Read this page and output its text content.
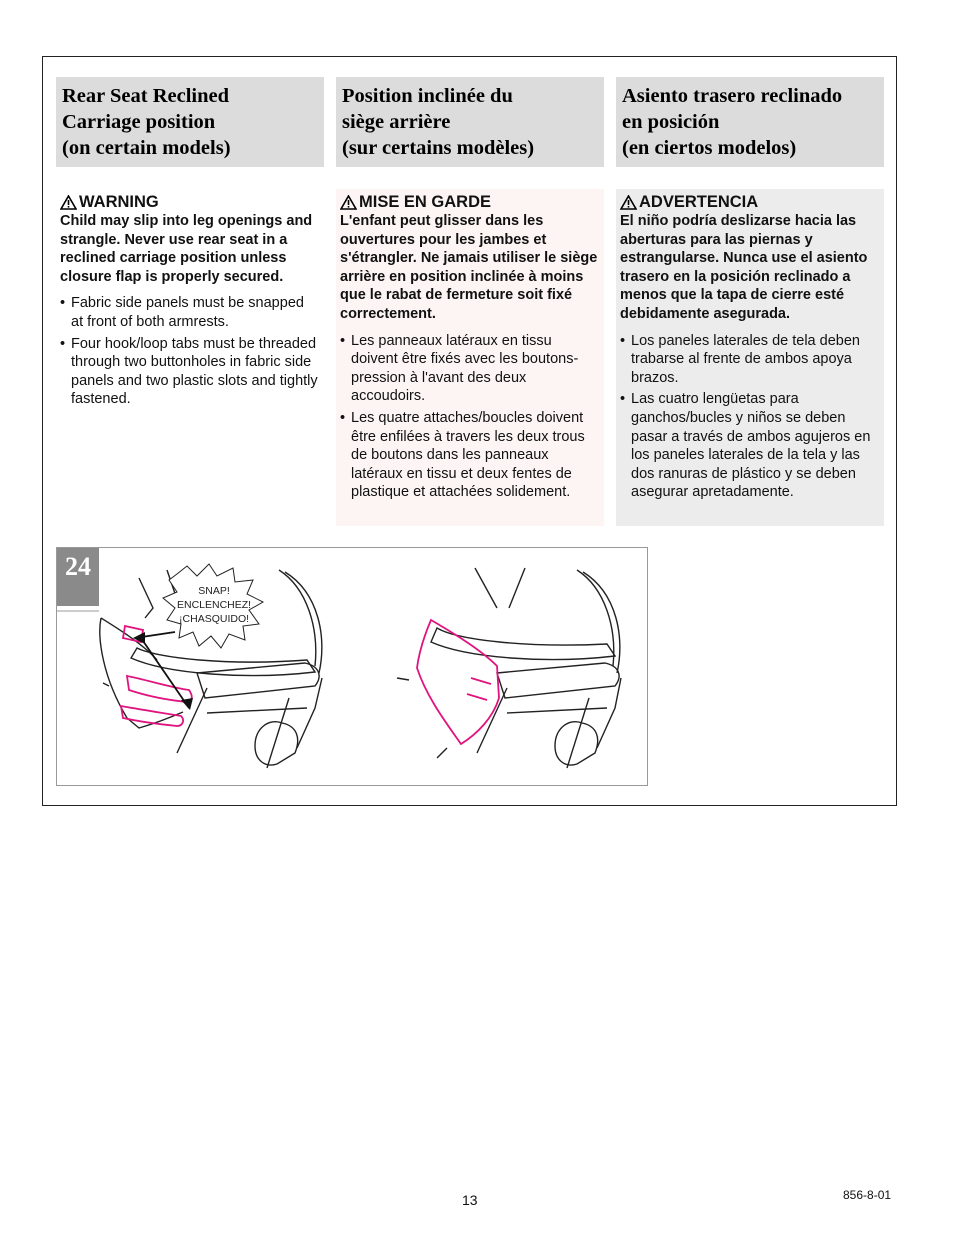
Rear Seat Reclined
Carriage position
(on certain models)
Position inclinée du
siège arrière
(sur certains modèles)
Asiento trasero reclinado
en posición
(en ciertos modelos)
WARNING
Child may slip into leg openings and strangle. Never use rear seat in a reclined carriage position unless closure flap is properly secured.
• Fabric side panels must be snapped at front of both armrests.
• Four hook/loop tabs must be threaded through two buttonholes in fabric side panels and two plastic slots and tightly fastened.
MISE EN GARDE
L'enfant peut glisser dans les ouvertures pour les jambes et s'étrangler. Ne jamais utiliser le siège arrière en position inclinée à moins que le rabat de fermeture soit fixé correctement.
• Les panneaux latéraux en tissu doivent être fixés avec les boutons-pression à l'avant des deux accoudoirs.
• Les quatre attaches/boucles doivent être enfilées à travers les deux trous de boutons dans les panneaux latéraux en tissu et deux fentes de plastique et attachées solidement.
ADVERTENCIA
El niño podría deslizarse hacia las aberturas para las piernas y estrangularse. Nunca use el asiento trasero en la posición reclinado a menos que la tapa de cierre esté debidamente asegurada.
• Los paneles laterales de tela deben trabarse al frente de ambos apoya brazos.
• Las cuatro lengüetas para ganchos/bucles y niños se deben pasar a través de ambos agujeros en los paneles laterales de la tela y las dos ranuras de plástico y se deben asegurar apretadamente.
24
SNAP!
ENCLENCHEZ!
¡CHASQUIDO!
13	856-8-01
